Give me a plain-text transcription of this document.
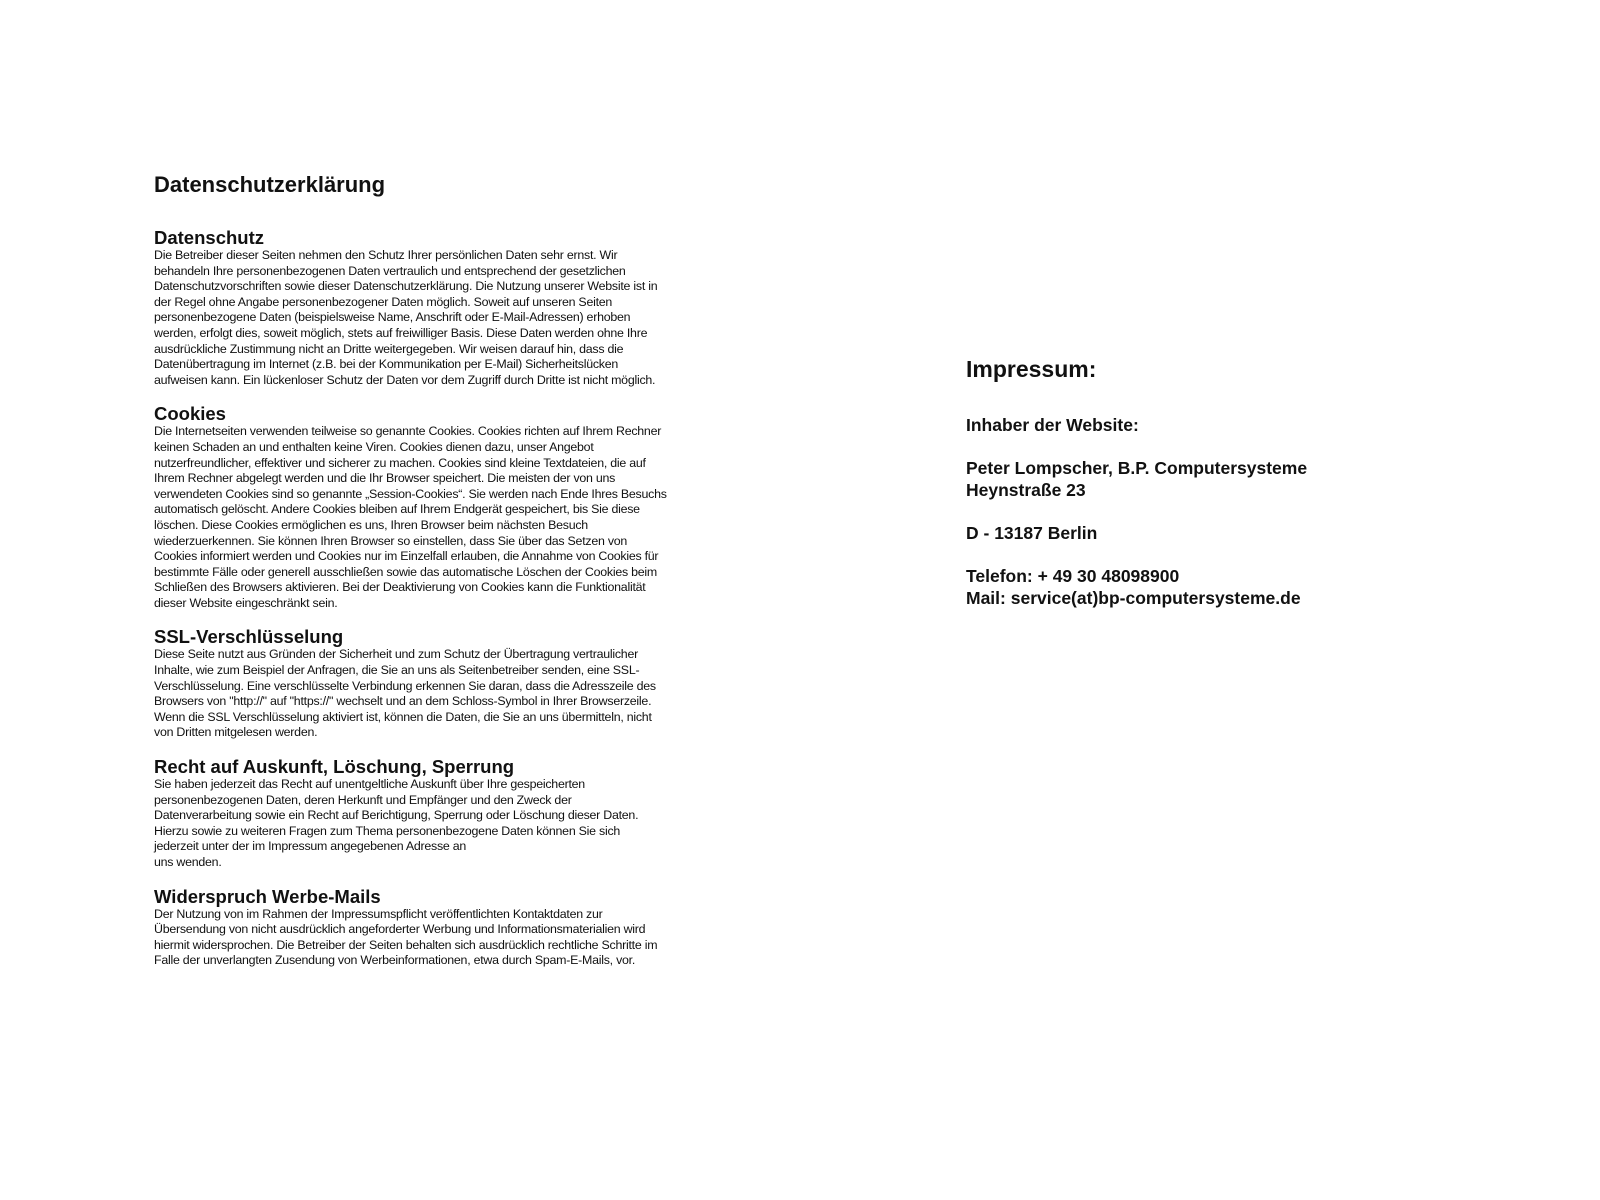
Datenschutzerklärung
Datenschutz

Die Betreiber dieser Seiten nehmen den Schutz Ihrer persönlichen Daten sehr ernst. Wir
behandeln Ihre personenbezogenen Daten vertraulich und entsprechend der gesetzlichen
Datenschutzvorschriften sowie dieser Datenschutzerklärung. Die Nutzung unserer Website ist in
der Regel ohne Angabe personenbezogener Daten möglich. Soweit auf unseren Seiten
personenbezogene Daten (beispielsweise Name, Anschrift oder E-Mail-Adressen) erhoben
werden, erfolgt dies, soweit möglich, stets auf freiwilliger Basis. Diese Daten werden ohne Ihre
ausdrückliche Zustimmung nicht an Dritte weitergegeben. Wir weisen darauf hin, dass die
Datenübertragung im Internet (z.B. bei der Kommunikation per E-Mail) Sicherheitslücken
aufweisen kann. Ein lückenloser Schutz der Daten vor dem Zugriff durch Dritte ist nicht möglich.

Cookies

Die Internetseiten verwenden teilweise so genannte Cookies. Cookies richten auf Ihrem Rechner
keinen Schaden an und enthalten keine Viren. Cookies dienen dazu, unser Angebot
nutzerfreundlicher, effektiver und sicherer zu machen. Cookies sind kleine Textdateien, die auf
Ihrem Rechner abgelegt werden und die Ihr Browser speichert. Die meisten der von uns
verwendeten Cookies sind so genannte „Session-Cookies“. Sie werden nach Ende Ihres Besuchs
automatisch gelöscht. Andere Cookies bleiben auf Ihrem Endgerät gespeichert, bis Sie diese
löschen. Diese Cookies ermöglichen es uns, Ihren Browser beim nächsten Besuch
wiederzuerkennen. Sie können Ihren Browser so einstellen, dass Sie über das Setzen von
Cookies informiert werden und Cookies nur im Einzelfall erlauben, die Annahme von Cookies für
bestimmte Fälle oder generell ausschließen sowie das automatische Löschen der Cookies beim
Schließen des Browsers aktivieren. Bei der Deaktivierung von Cookies kann die Funktionalität
dieser Website eingeschränkt sein.

SSL-Verschlüsselung

Diese Seite nutzt aus Gründen der Sicherheit und zum Schutz der Übertragung vertraulicher
Inhalte, wie zum Beispiel der Anfragen, die Sie an uns als Seitenbetreiber senden, eine SSL-
Verschlüsselung. Eine verschlüsselte Verbindung erkennen Sie daran, dass die Adresszeile des
Browsers von "http://" auf "https://" wechselt und an dem Schloss-Symbol in Ihrer Browserzeile.
Wenn die SSL Verschlüsselung aktiviert ist, können die Daten, die Sie an uns übermitteln, nicht
von Dritten mitgelesen werden.

Recht auf Auskunft, Löschung, Sperrung

Sie haben jederzeit das Recht auf unentgeltliche Auskunft über Ihre gespeicherten
personenbezogenen Daten, deren Herkunft und Empfänger und den Zweck der
Datenverarbeitung sowie ein Recht auf Berichtigung, Sperrung oder Löschung dieser Daten.
Hierzu sowie zu weiteren Fragen zum Thema personenbezogene Daten können Sie sich
jederzeit unter der im Impressum angegebenen Adresse an
uns wenden.

Widerspruch Werbe-Mails

Der Nutzung von im Rahmen der Impressumspflicht veröffentlichten Kontaktdaten zur
Übersendung von nicht ausdrücklich angeforderter Werbung und Informationsmaterialien wird
hiermit widersprochen. Die Betreiber der Seiten behalten sich ausdrücklich rechtliche Schritte im
Falle der unverlangten Zusendung von Werbeinformationen, etwa durch Spam-E-Mails, vor.

Impressum:

Inhaber der Website:

Peter Lompscher, B.P. Computersysteme
Heynstraße 23

D - 13187 Berlin

Telefon: + 49 30 48098900
Mail: service(at)bp-computersysteme.de
